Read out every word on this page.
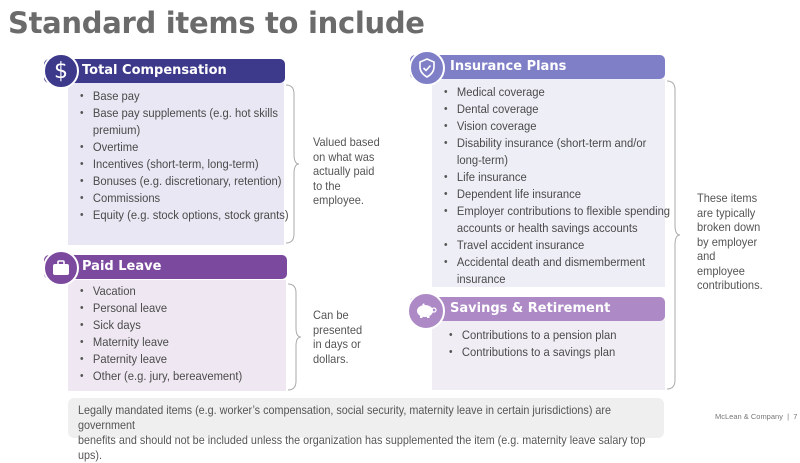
Standard items to include
• Base pay
• Base pay supplements (e.g. hot skills premium)
• Overtime
• Incentives (short-term, long-term)
• Bonuses (e.g. discretionary, retention)
• Commissions
• Equity (e.g. stock options, stock grants)
Total Compensation
$
Valued based on what was actually paid to the employee.
• Vacation
• Personal leave
• Sick days
• Maternity leave
• Paternity leave
• Other (e.g. jury, bereavement)
Paid Leave
Can be presented in days or dollars.
• Medical coverage
• Dental coverage
• Vision coverage
• Disability insurance (short-term and/or long-term)
• Life insurance
• Dependent life insurance
• Employer contributions to flexible spending accounts or health savings accounts
• Travel accident insurance
• Accidental death and dismemberment insurance
Insurance Plans
• Contributions to a pension plan
• Contributions to a savings plan
Savings & Retirement
These items are typically broken down by employer and employee contributions.
Legally mandated items (e.g. worker’s compensation, social security, maternity leave in certain jurisdictions) are government
benefits and should not be included unless the organization has supplemented the item (e.g. maternity leave salary top ups).
McLean & Company | 7
